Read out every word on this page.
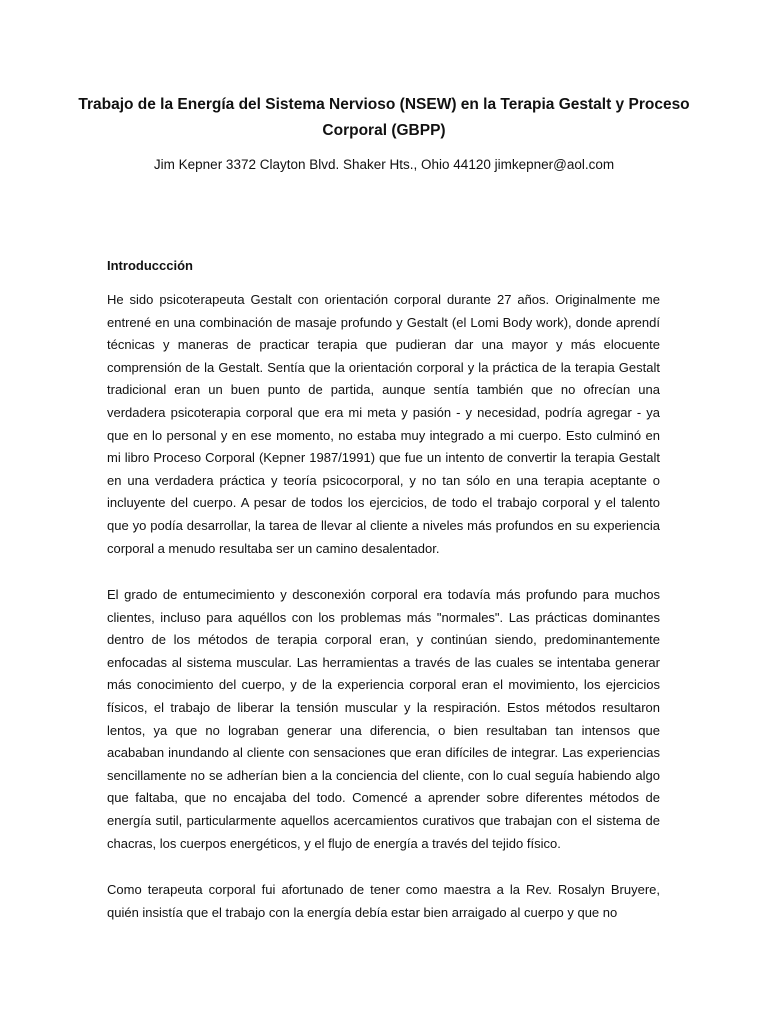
Trabajo de la Energía del Sistema Nervioso (NSEW) en la Terapia Gestalt y Proceso Corporal (GBPP)

Jim Kepner 3372 Clayton Blvd. Shaker Hts., Ohio 44120 jimkepner@aol.com

Introduccción

He sido psicoterapeuta Gestalt con orientación corporal durante 27 años. Originalmente me entrené en una combinación de masaje profundo y Gestalt (el Lomi Body work), donde aprendí técnicas y maneras de practicar terapia que pudieran dar una mayor y más elocuente comprensión de la Gestalt. Sentía que la orientación corporal y la práctica de la terapia Gestalt tradicional eran un buen punto de partida, aunque sentía también que no ofrecían una verdadera psicoterapia corporal que era mi meta y pasión - y necesidad, podría agregar - ya que en lo personal y en ese momento, no estaba muy integrado a mi cuerpo. Esto culminó en mi libro Proceso Corporal (Kepner 1987/1991) que fue un intento de convertir la terapia Gestalt en una verdadera práctica y teoría psicocorporal, y no tan sólo en una terapia aceptante o incluyente del cuerpo. A pesar de todos los ejercicios, de todo el trabajo corporal y el talento que yo podía desarrollar, la tarea de llevar al cliente a niveles más profundos en su experiencia corporal a menudo resultaba ser un camino desalentador.

El grado de entumecimiento y desconexión corporal era todavía más profundo para muchos clientes, incluso para aquéllos con los problemas más "normales". Las prácticas dominantes dentro de los métodos de terapia corporal eran, y continúan siendo, predominantemente enfocadas al sistema muscular. Las herramientas a través de las cuales se intentaba generar más conocimiento del cuerpo, y de la experiencia corporal eran el movimiento, los ejercicios físicos, el trabajo de liberar la tensión muscular y la respiración. Estos métodos resultaron lentos, ya que no lograban generar una diferencia, o bien resultaban tan intensos que acababan inundando al cliente con sensaciones que eran difíciles de integrar. Las experiencias sencillamente no se adherían bien a la conciencia del cliente, con lo cual seguía habiendo algo que faltaba, que no encajaba del todo. Comencé a aprender sobre diferentes métodos de energía sutil, particularmente aquellos acercamientos curativos que trabajan con el sistema de chacras, los cuerpos energéticos, y el flujo de energía a través del tejido físico.

Como terapeuta corporal fui afortunado de tener como maestra a la Rev. Rosalyn Bruyere, quién insistía que el trabajo con la energía debía estar bien arraigado al cuerpo y que no
